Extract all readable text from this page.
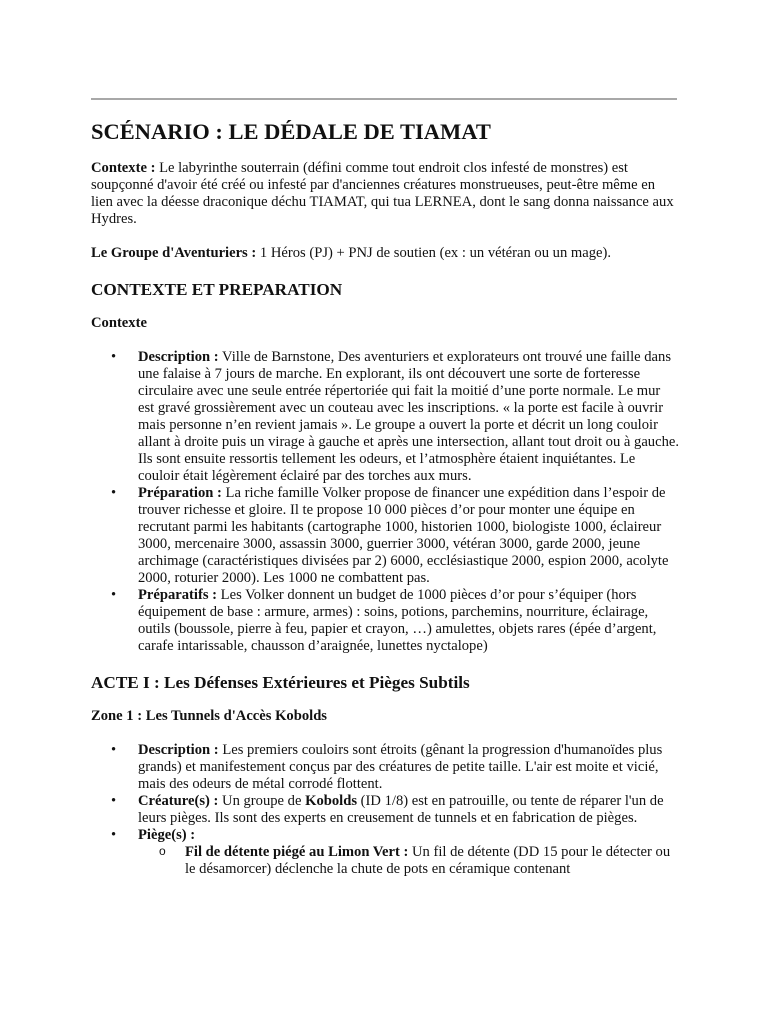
SCÉNARIO : LE DÉDALE DE TIAMAT

Contexte : Le labyrinthe souterrain (défini comme tout endroit clos infesté de monstres) est soupçonné d'avoir été créé ou infesté par d'anciennes créatures monstrueuses, peut-être même en lien avec la déesse draconique déchu TIAMAT, qui tua LERNEA, dont le sang donna naissance aux Hydres.

Le Groupe d'Aventuriers : 1 Héros (PJ) + PNJ de soutien (ex : un vétéran ou un mage).

CONTEXTE ET PREPARATION
Contexte
• Description : Ville de Barnstone, Des aventuriers et explorateurs ont trouvé une faille dans une falaise à 7 jours de marche. En explorant, ils ont découvert une sorte de forteresse circulaire avec une seule entrée répertoriée qui fait la moitié d’une porte normale. Le mur est gravé grossièrement avec un couteau avec les inscriptions. « la porte est facile à ouvrir mais personne n’en revient jamais ». Le groupe a ouvert la porte et décrit un long couloir allant à droite puis un virage à gauche et après une intersection, allant tout droit ou à gauche. Ils sont ensuite ressortis tellement les odeurs, et l’atmosphère étaient inquiétantes. Le couloir était légèrement éclairé par des torches aux murs.
• Préparation : La riche famille Volker propose de financer une expédition dans l’espoir de trouver richesse et gloire. Il te propose 10 000 pièces d’or pour monter une équipe en recrutant parmi les habitants (cartographe 1000, historien 1000, biologiste 1000, éclaireur 3000, mercenaire 3000, assassin 3000, guerrier 3000, vétéran 3000, garde 2000, jeune archimage (caractéristiques divisées par 2) 6000, ecclésiastique 2000, espion 2000, acolyte 2000, roturier 2000). Les 1000 ne combattent pas.
• Préparatifs : Les Volker donnent un budget de 1000 pièces d’or pour s’équiper (hors équipement de base : armure, armes) : soins, potions, parchemins, nourriture, éclairage, outils (boussole, pierre à feu, papier et crayon, …) amulettes, objets rares (épée d’argent, carafe intarissable, chausson d’araignée, lunettes nyctalope)
ACTE I : Les Défenses Extérieures et Pièges Subtils
Zone 1 : Les Tunnels d'Accès Kobolds
• Description : Les premiers couloirs sont étroits (gênant la progression d'humanoïdes plus grands) et manifestement conçus par des créatures de petite taille. L'air est moite et vicié, mais des odeurs de métal corrodé flottent.
• Créature(s) : Un groupe de Kobolds (ID 1/8) est en patrouille, ou tente de réparer l'un de leurs pièges. Ils sont des experts en creusement de tunnels et en fabrication de pièges.
• Piège(s) :
o Fil de détente piégé au Limon Vert : Un fil de détente (DD 15 pour le détecter ou le désamorcer) déclenche la chute de pots en céramique contenant
